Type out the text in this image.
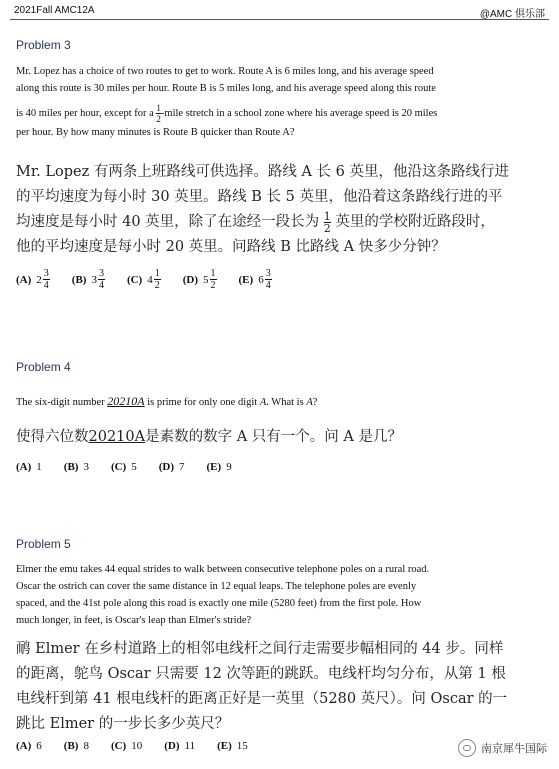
2021Fall AMC12A	@AMC 俱乐部
Problem 3
Mr. Lopez has a choice of two routes to get to work. Route A is 6 miles long, and his average speed
along this route is 30 miles per hour. Route B is 5 miles long, and his average speed along this route
is 40 miles per hour, except for a
$\frac{1}{2}$ -mile stretch in a school zone where his average speed is 20 miles
per hour. By how many minutes is Route B quicker than Route A?
Mr. Lopez 有两条上班路线可供选择。路线 A 长 6 英里，他沿这条路线行进
的平均速度为每小时 30 英里。路线 B 长 5 英里，他沿着这条路线行进的平
均速度是每小时 40 英里，除了在途经一段长为
$\frac{1}{2}$
英里的学校附近路段时，
他的平均速度是每小时 20 英里。问路线 B 比路线 A 快多少分钟？
(A) $2 \frac{3}{4} (B)$ $3 \frac{3}{4} (C)$ $4 \frac{1}{2} (D)$ $5 \frac{1}{2} (E)$ $6 \frac{3}{4}$
Problem 4
The six-digit number 20210A is prime for only one digit A. What is A?
使得六位数20210A是素数的数字 A 只有一个。问 A 是几？
(A) 1 (B) 3 (C) 5 (D) 7 (E) 9
Problem 5
Elmer the emu takes 44 equal strides to walk between consecutive telephone poles on a rural road.
Oscar the ostrich can cover the same distance in 12 equal leaps. The telephone poles are evenly
spaced, and the 41st pole along this road is exactly one mile (5280 feet) from the first pole. How
much longer, in feet, is Oscar's leap than Elmer's stride?
鸸 Elmer 在乡村道路上的相邻电线杆之间行走需要步幅相同的 44 步。同样
的距离，鸵鸟 Oscar 只需要 12 次等距的跳跃。电线杆均匀分布，从第 1 根
电线杆到第 41 根电线杆的距离正好是一英里（5280 英尺）。问 Oscar 的一
跳比 Elmer 的一步长多少英尺？
(A) 6 (B) 8 (C) 10 (D) 11 (E) 15	南京犀牛国际
